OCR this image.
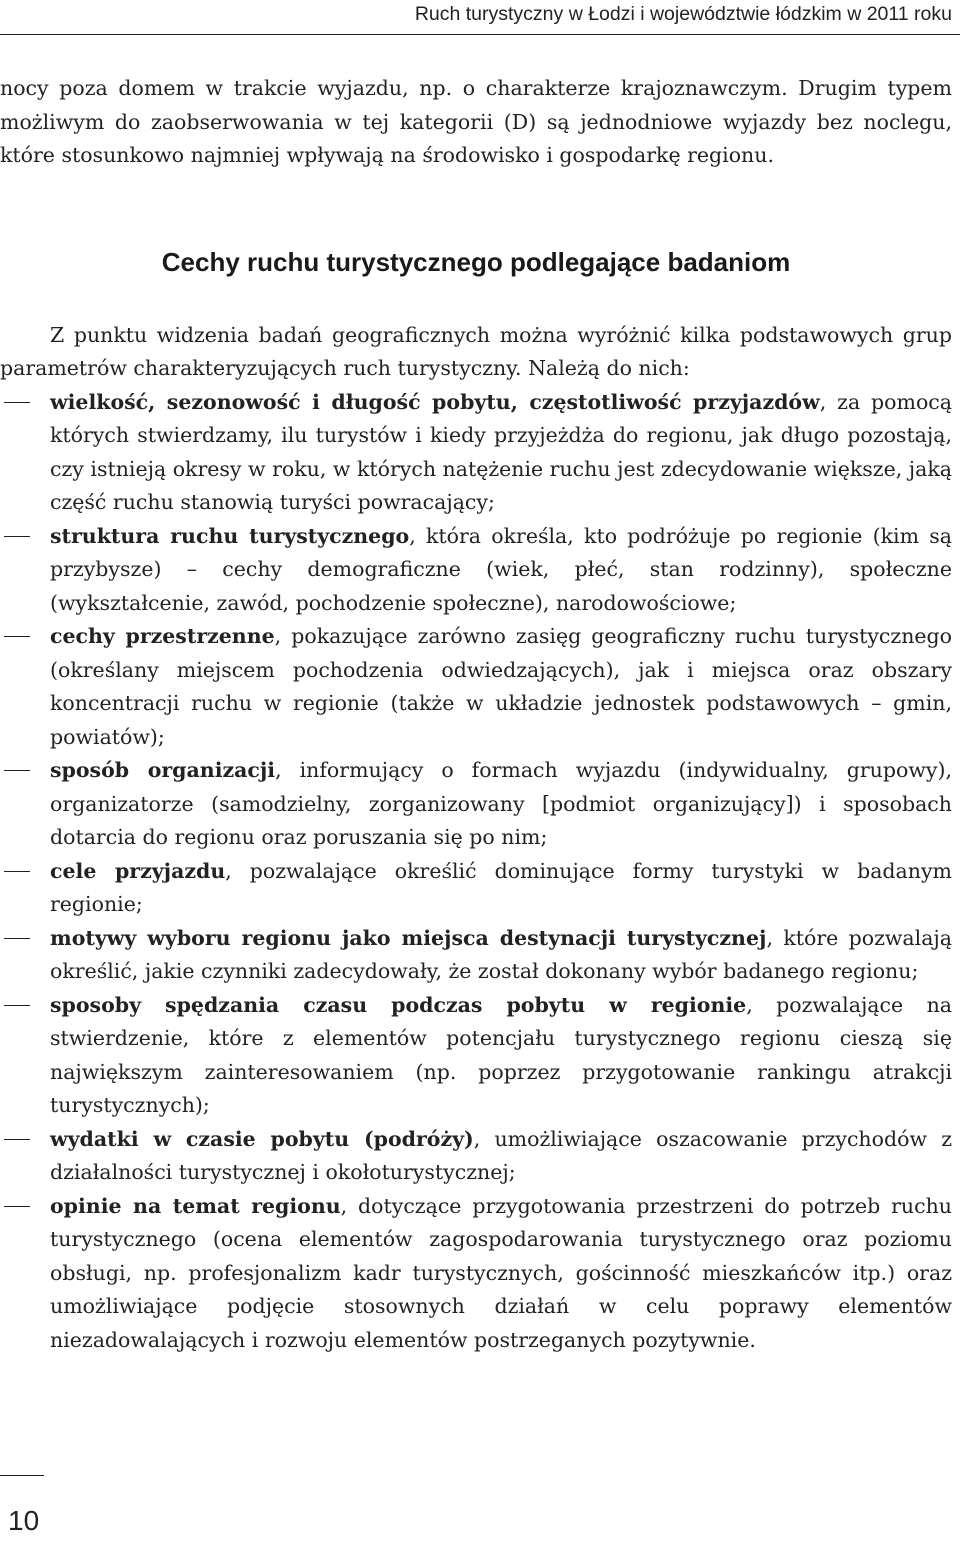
Ruch turystyczny w Łodzi i województwie łódzkim w 2011 roku

nocy poza domem w trakcie wyjazdu, np. o charakterze krajoznawczym. Drugim typem możliwym do zaobserwowania w tej kategorii (D) są jednodniowe wyjazdy bez noclegu, które stosunkowo najmniej wpływają na środowisko i gospodarkę regionu.

Cechy ruchu turystycznego podlegające badaniom

Z punktu widzenia badań geograficznych można wyróżnić kilka podstawowych grup parametrów charakteryzujących ruch turystyczny. Należą do nich:

wielkość, sezonowość i długość pobytu, częstotliwość przyjazdów, za pomocą których stwierdzamy, ilu turystów i kiedy przyjeżdża do regionu, jak długo pozostają, czy istnieją okresy w roku, w których natężenie ruchu jest zdecydowanie większe, jaką część ruchu stanowią turyści powracający;
struktura ruchu turystycznego, która określa, kto podróżuje po regionie (kim są przybysze) – cechy demograficzne (wiek, płeć, stan rodzinny), społeczne (wykształcenie, zawód, pochodzenie społeczne), narodowościowe;
cechy przestrzenne, pokazujące zarówno zasięg geograficzny ruchu turystycznego (określany miejscem pochodzenia odwiedzających), jak i miejsca oraz obszary koncentracji ruchu w regionie (także w układzie jednostek podstawowych – gmin, powiatów);
sposób organizacji, informujący o formach wyjazdu (indywidualny, grupowy), organizatorze (samodzielny, zorganizowany [podmiot organizujący]) i sposobach dotarcia do regionu oraz poruszania się po nim;
cele przyjazdu, pozwalające określić dominujące formy turystyki w badanym regionie;
motywy wyboru regionu jako miejsca destynacji turystycznej, które pozwalają określić, jakie czynniki zadecydowały, że został dokonany wybór badanego regionu;
sposoby spędzania czasu podczas pobytu w regionie, pozwalające na stwierdzenie, które z elementów potencjału turystycznego regionu cieszą się największym zainteresowaniem (np. poprzez przygotowanie rankingu atrakcji turystycznych);
wydatki w czasie pobytu (podróży), umożliwiające oszacowanie przychodów z działalności turystycznej i okołoturystycznej;
opinie na temat regionu, dotyczące przygotowania przestrzeni do potrzeb ruchu turystycznego (ocena elementów zagospodarowania turystycznego oraz poziomu obsługi, np. profesjonalizm kadr turystycznych, gościnność mieszkańców itp.) oraz umożliwiające podjęcie stosownych działań w celu poprawy elementów niezadowalających i rozwoju elementów postrzeganych pozytywnie.
10
